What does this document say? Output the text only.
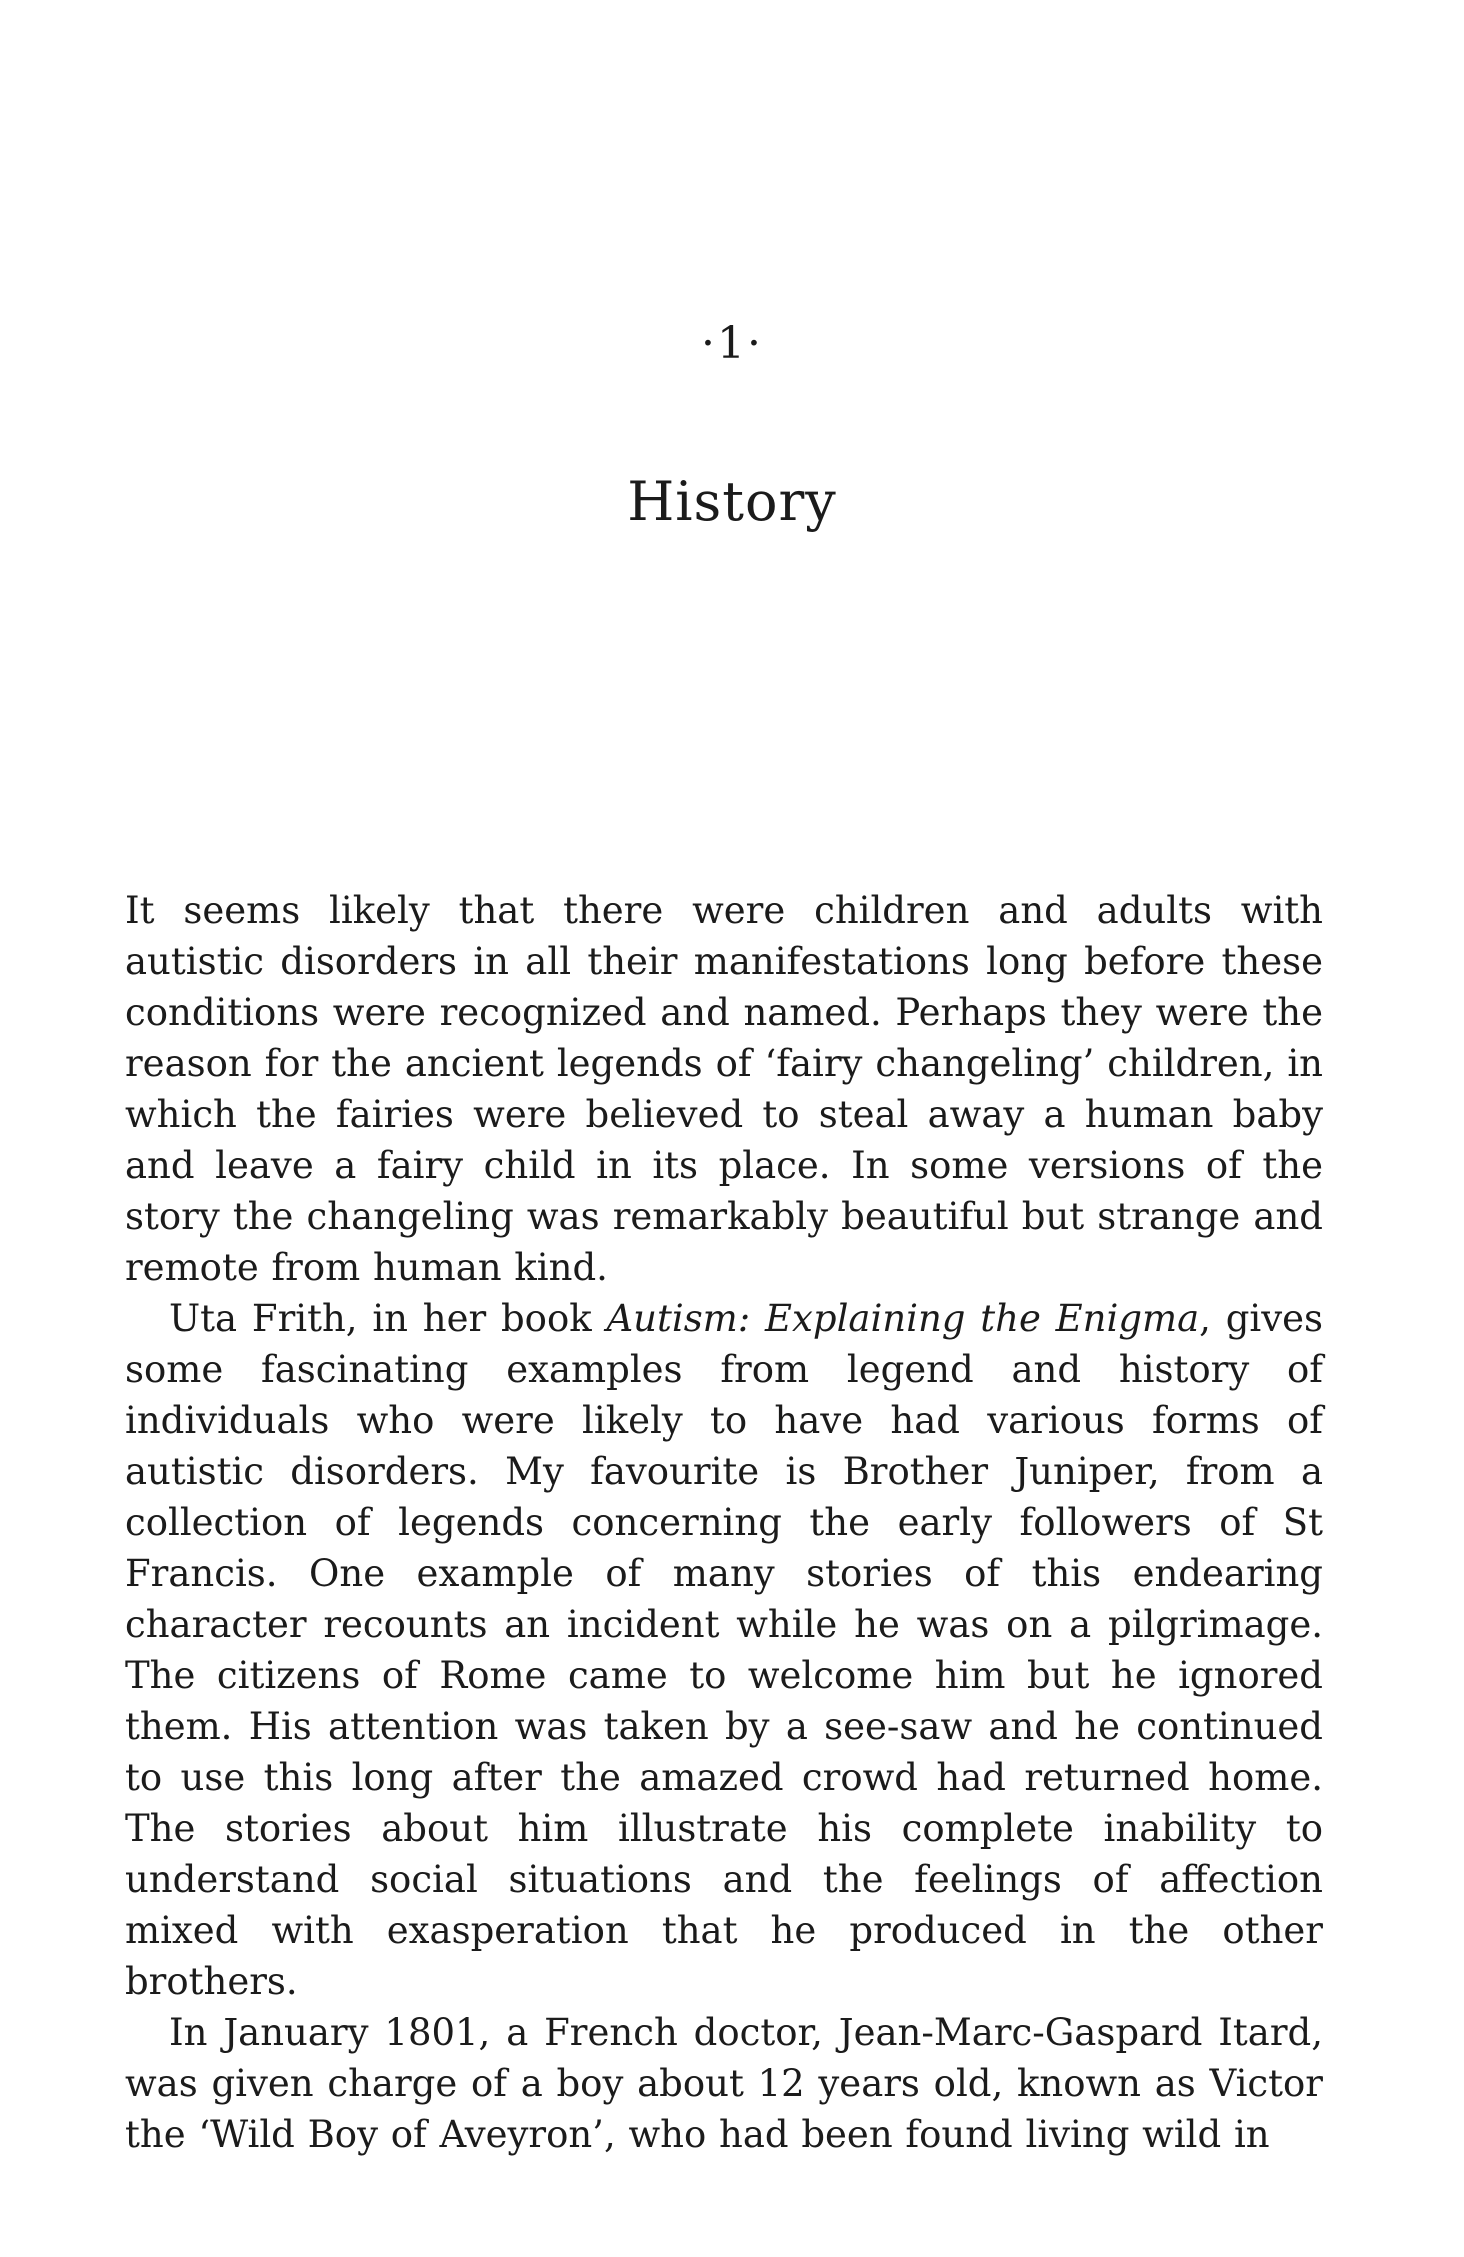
·1·
History

It seems likely that there were children and adults with autistic disorders in all their manifestations long before these conditions were recognized and named. Perhaps they were the reason for the ancient legends of ‘fairy changeling’ children, in which the fairies were believed to steal away a human baby and leave a fairy child in its place. In some versions of the story the changeling was remarkably beautiful but strange and remote from human kind.

Uta Frith, in her book Autism: Explaining the Enigma, gives some fascinating examples from legend and history of individuals who were likely to have had various forms of autistic disorders. My favourite is Brother Juniper, from a collection of legends concerning the early followers of St Francis. One example of many stories of this endearing character recounts an incident while he was on a pilgrimage. The citizens of Rome came to welcome him but he ignored them. His attention was taken by a see-saw and he continued to use this long after the amazed crowd had returned home. The stories about him illustrate his complete inability to understand social situations and the feelings of affection mixed with exasperation that he produced in the other brothers.

In January 1801, a French doctor, Jean-Marc-Gaspard Itard, was given charge of a boy about 12 years old, known as Victor the ‘Wild Boy of Aveyron’, who had been found living wild in
